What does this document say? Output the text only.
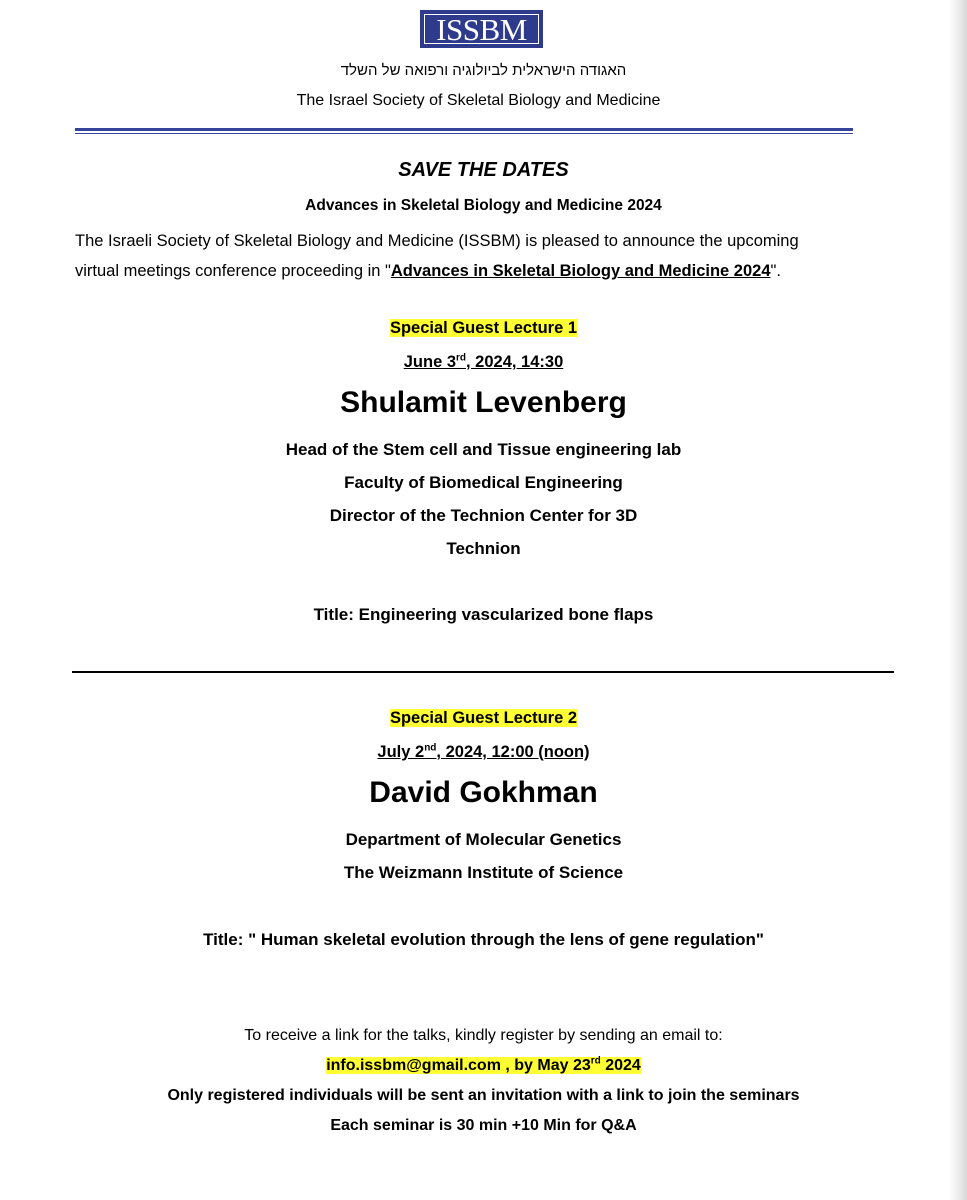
ISSBM
האגודה הישראלית לביולוגיה ורפואה של השלד
The Israel Society of Skeletal Biology and Medicine
SAVE THE DATES
Advances in Skeletal Biology and Medicine 2024
The Israeli Society of Skeletal Biology and Medicine (ISSBM) is pleased to announce the upcoming
virtual meetings conference proceeding in "Advances in Skeletal Biology and Medicine 2024".
Special Guest Lecture 1
June 3rd, 2024, 14:30
Shulamit Levenberg
Head of the Stem cell and Tissue engineering lab
Faculty of Biomedical Engineering
Director of the Technion Center for 3D
Technion
Title: Engineering vascularized bone flaps
Special Guest Lecture 2
July 2nd, 2024, 12:00 (noon)
David Gokhman
Department of Molecular Genetics
The Weizmann Institute of Science
Title: " Human skeletal evolution through the lens of gene regulation"
To receive a link for the talks, kindly register by sending an email to:
info.issbm@gmail.com , by May 23rd 2024
Only registered individuals will be sent an invitation with a link to join the seminars
Each seminar is 30 min +10 Min for Q&A
